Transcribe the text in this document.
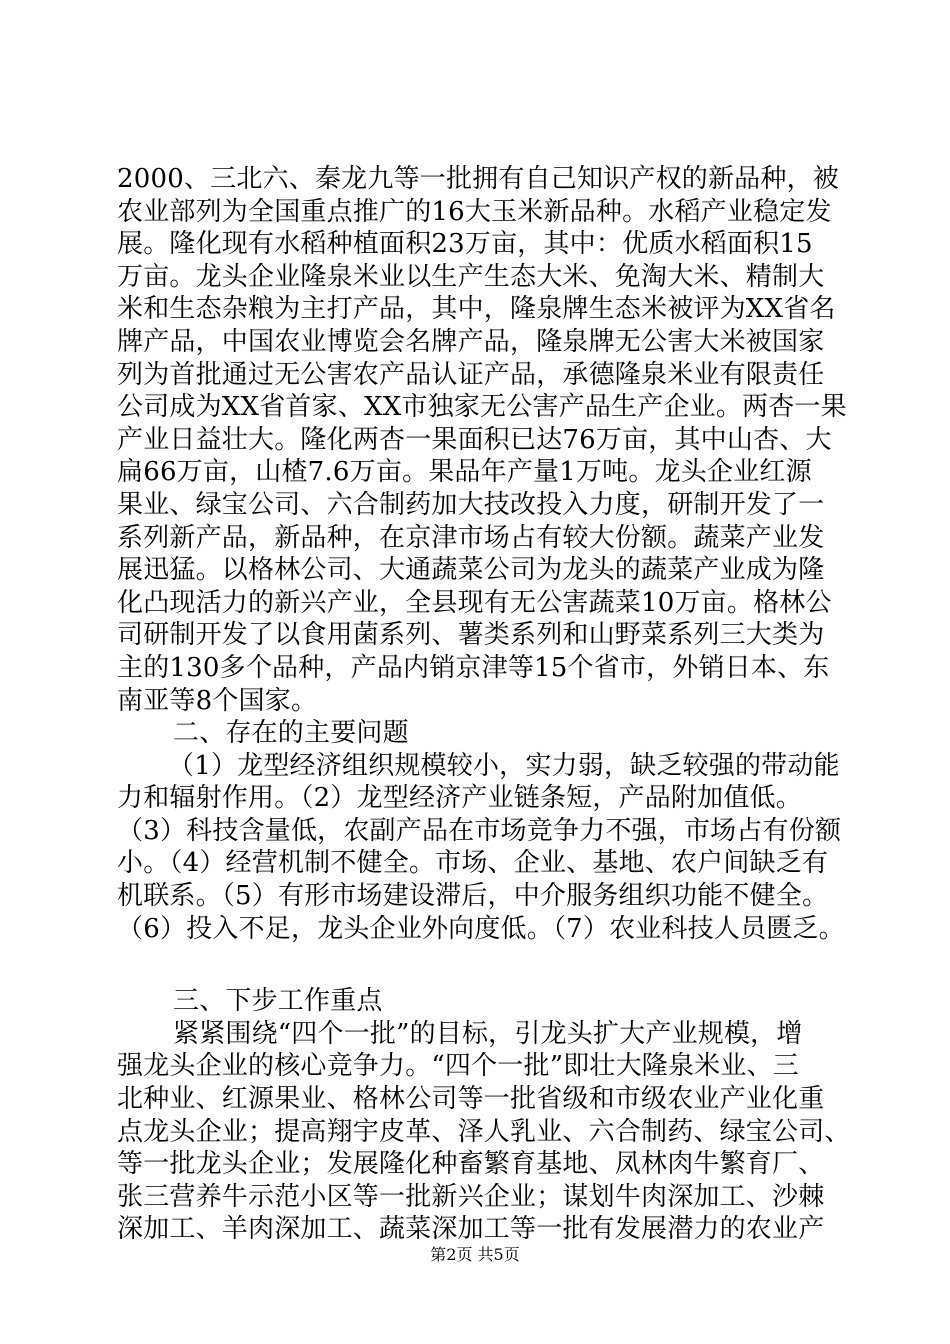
2000、三北六、秦龙九等一批拥有自己知识产权的新品种，被
农业部列为全国重点推广的16大玉米新品种。水稻产业稳定发
展。隆化现有水稻种植面积23万亩，其中：优质水稻面积15
万亩。龙头企业隆泉米业以生产生态大米、免淘大米、精制大
米和生态杂粮为主打产品，其中，隆泉牌生态米被评为XX省名
牌产品，中国农业博览会名牌产品，隆泉牌无公害大米被国家
列为首批通过无公害农产品认证产品，承德隆泉米业有限责任
公司成为XX省首家、XX市独家无公害产品生产企业。两杏一果
产业日益壮大。隆化两杏一果面积已达76万亩，其中山杏、大
扁66万亩，山楂7.6万亩。果品年产量1万吨。龙头企业红源
果业、绿宝公司、六合制药加大技改投入力度，研制开发了一
系列新产品，新品种，在京津市场占有较大份额。蔬菜产业发
展迅猛。以格林公司、大通蔬菜公司为龙头的蔬菜产业成为隆
化凸现活力的新兴产业，全县现有无公害蔬菜10万亩。格林公
司研制开发了以食用菌系列、薯类系列和山野菜系列三大类为
主的130多个品种，产品内销京津等15个省市，外销日本、东
南亚等8个国家。
二、存在的主要问题
（1）龙型经济组织规模较小，实力弱，缺乏较强的带动能
力和辐射作用。（2）龙型经济产业链条短，产品附加值低。
（3）科技含量低，农副产品在市场竞争力不强，市场占有份额
小。（4）经营机制不健全。市场、企业、基地、农户间缺乏有
机联系。（5）有形市场建设滞后，中介服务组织功能不健全。
（6）投入不足，龙头企业外向度低。（7）农业科技人员匮乏。
三、下步工作重点
紧紧围绕“四个一批”的目标，引龙头扩大产业规模，增
强龙头企业的核心竞争力。“四个一批”即壮大隆泉米业、三
北种业、红源果业、格林公司等一批省级和市级农业产业化重
点龙头企业；提高翔宇皮革、泽人乳业、六合制药、绿宝公司、
等一批龙头企业；发展隆化种畜繁育基地、凤林肉牛繁育厂、
张三营养牛示范小区等一批新兴企业；谋划牛肉深加工、沙棘
深加工、羊肉深加工、蔬菜深加工等一批有发展潜力的农业产
第2页 共5页
